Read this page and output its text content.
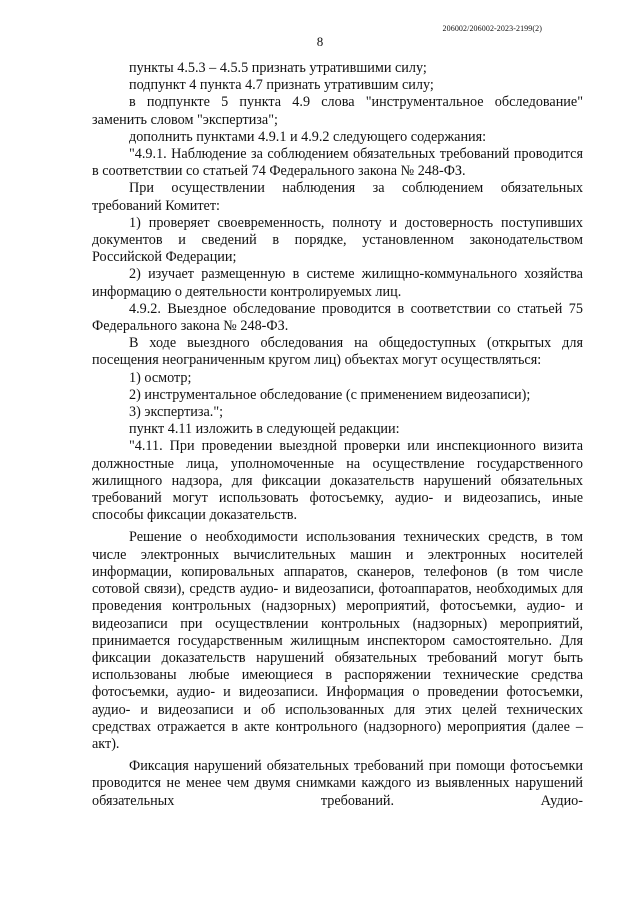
206002/206002-2023-2199(2)
8

пункты 4.5.3 – 4.5.5 признать утратившими силу;

подпункт 4 пункта 4.7 признать утратившим силу;

в подпункте 5 пункта 4.9 слова "инструментальное обследование" заменить словом "экспертиза";

дополнить пунктами 4.9.1 и 4.9.2 следующего содержания:

"4.9.1. Наблюдение за соблюдением обязательных требований проводится в соответствии со статьей 74 Федерального закона № 248-ФЗ.

При осуществлении наблюдения за соблюдением обязательных требований Комитет:

1) проверяет своевременность, полноту и достоверность поступивших документов и сведений в порядке, установленном законодательством Российской Федерации;

2) изучает размещенную в системе жилищно-коммунального хозяйства информацию о деятельности контролируемых лиц.

4.9.2. Выездное обследование проводится в соответствии со статьей 75 Федерального закона № 248-ФЗ.

В ходе выездного обследования на общедоступных (открытых для посещения неограниченным кругом лиц) объектах могут осуществляться:

1) осмотр;

2) инструментальное обследование (с применением видеозаписи);

3) экспертиза.";

пункт 4.11 изложить в следующей редакции:

"4.11. При проведении выездной проверки или инспекционного визита должностные лица, уполномоченные на осуществление государственного жилищного надзора, для фиксации доказательств нарушений обязательных требований могут использовать фотосъемку, аудио- и видеозапись, иные способы фиксации доказательств.

Решение о необходимости использования технических средств, в том числе электронных вычислительных машин и электронных носителей информации, копировальных аппаратов, сканеров, телефонов (в том числе сотовой связи), средств аудио- и видеозаписи, фотоаппаратов, необходимых для проведения контрольных (надзорных) мероприятий, фотосъемки, аудио- и видеозаписи при осуществлении контрольных (надзорных) мероприятий, принимается государственным жилищным инспектором самостоятельно. Для фиксации доказательств нарушений обязательных требований могут быть использованы любые имеющиеся в распоряжении технические средства фотосъемки, аудио- и видеозаписи. Информация о проведении фотосъемки, аудио- и видеозаписи и об использованных для этих целей технических средствах отражается в акте контрольного (надзорного) мероприятия (далее – акт).

Фиксация нарушений обязательных требований при помощи фотосъемки проводится не менее чем двумя снимками каждого из выявленных нарушений обязательных требований. Аудио-
